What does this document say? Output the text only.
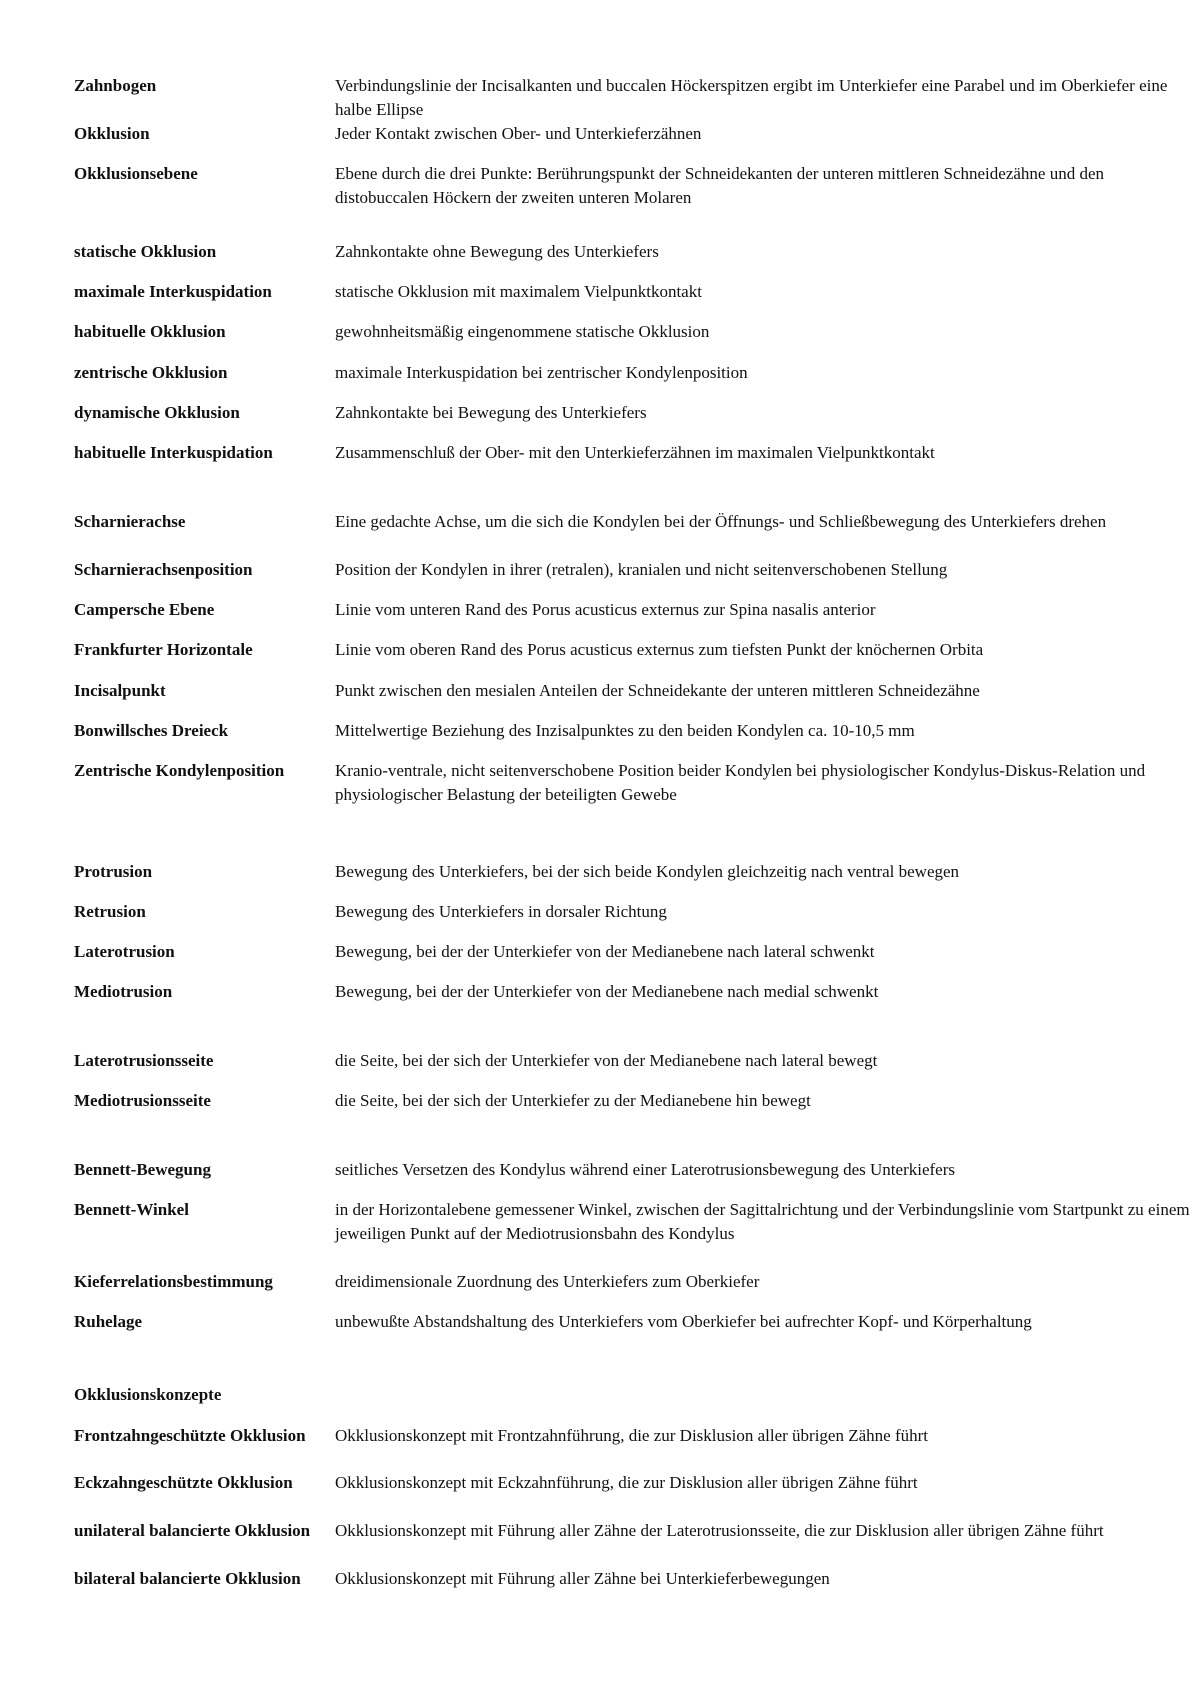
Zahnbogen	Verbindungslinie der Incisalkanten und buccalen Höckerspitzen ergibt im Unterkiefer eine Parabel und im Oberkiefer eine halbe Ellipse
Okklusion	Jeder Kontakt zwischen Ober- und Unterkieferzähnen
Okklusionsebene	Ebene durch die drei Punkte: Berührungspunkt der Schneidekanten der unteren mittleren Schneidezähne und den distobuccalen Höckern der zweiten unteren Molaren
statische Okklusion	Zahnkontakte ohne Bewegung des Unterkiefers
maximale Interkuspidation	statische Okklusion mit maximalem Vielpunktkontakt
habituelle Okklusion	gewohnheitsmäßig eingenommene statische Okklusion
zentrische Okklusion	maximale Interkuspidation bei zentrischer Kondylenposition
dynamische Okklusion	Zahnkontakte bei Bewegung des Unterkiefers
habituelle Interkuspidation	Zusammenschluß der Ober- mit den Unterkieferzähnen im maximalen Vielpunktkontakt
Scharnierachse	Eine gedachte Achse, um die sich die Kondylen bei der Öffnungs- und Schließbewegung des Unterkiefers drehen
Scharnierachsenposition	Position der Kondylen in ihrer (retralen), kranialen und nicht seitenverschobenen Stellung
Campersche Ebene	Linie vom unteren Rand des Porus acusticus externus zur Spina nasalis anterior
Frankfurter Horizontale	Linie vom oberen Rand des Porus acusticus externus zum tiefsten Punkt der knöchernen Orbita
Incisalpunkt	Punkt zwischen den mesialen Anteilen der Schneidekante der unteren mittleren Schneidezähne
Bonwillsches Dreieck	Mittelwertige Beziehung des Inzisalpunktes zu den beiden Kondylen ca. 10-10,5 mm
Zentrische Kondylenposition	Kranio-ventrale, nicht seitenverschobene Position beider Kondylen bei physiologischer Kondylus-Diskus-Relation und physiologischer Belastung der beteiligten Gewebe
Protrusion	Bewegung des Unterkiefers, bei der sich beide Kondylen gleichzeitig nach ventral bewegen
Retrusion	Bewegung des Unterkiefers in dorsaler Richtung
Laterotrusion	Bewegung, bei der der Unterkiefer von der Medianebene nach lateral schwenkt
Mediotrusion	Bewegung, bei der der Unterkiefer von der Medianebene nach medial schwenkt
Laterotrusionsseite	die Seite, bei der sich der Unterkiefer von der Medianebene nach lateral bewegt
Mediotrusionsseite	die Seite, bei der sich der Unterkiefer zu der Medianebene hin bewegt
Bennett-Bewegung	seitliches Versetzen des Kondylus während einer Laterotrusionsbewegung des Unterkiefers
Bennett-Winkel	in der Horizontalebene gemessener Winkel, zwischen der Sagittalrichtung und der Verbindungslinie vom Startpunkt zu einem jeweiligen Punkt auf der Mediotrusionsbahn des Kondylus
Kieferrelationsbestimmung	dreidimensionale Zuordnung des Unterkiefers zum Oberkiefer
Ruhelage	unbewußte Abstandshaltung des Unterkiefers vom Oberkiefer bei aufrechter Kopf- und Körperhaltung
Okklusionskonzepte
Frontzahngeschützte Okklusion	Okklusionskonzept mit Frontzahnführung, die zur Disklusion aller übrigen Zähne führt
Eckzahngeschützte Okklusion	Okklusionskonzept mit Eckzahnführung, die zur Disklusion aller übrigen Zähne führt
unilateral balancierte Okklusion	Okklusionskonzept mit Führung aller Zähne der Laterotrusionsseite, die zur Disklusion aller übrigen Zähne führt
bilateral balancierte Okklusion	Okklusionskonzept mit Führung aller Zähne bei Unterkieferbewegungen
